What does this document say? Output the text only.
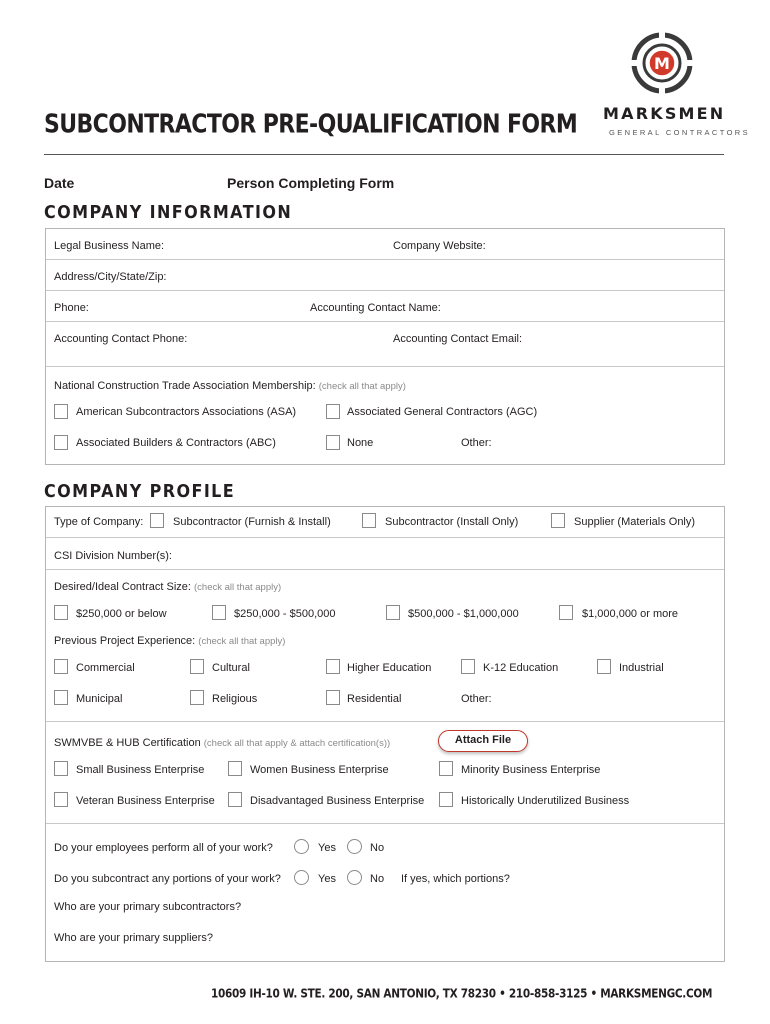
SUBCONTRACTOR PRE-QUALIFICATION FORM
M
MARKSMEN
GENERAL CONTRACTORS
Date	Person Completing Form
COMPANY INFORMATION
Legal Business Name:	Company Website:
Address/City/State/Zip:
Phone:	Accounting Contact Name:
Accounting Contact Phone:	Accounting Contact Email:
National Construction Trade Association Membership: (check all that apply)
American Subcontractors Associations (ASA)	Associated General Contractors (AGC)
Associated Builders & Contractors (ABC)	None	Other:
COMPANY PROFILE
Type of Company:	Subcontractor (Furnish & Install)	Subcontractor (Install Only)	Supplier (Materials Only)
CSI Division Number(s):
Desired/Ideal Contract Size: (check all that apply)
$250,000 or below	$250,000 - $500,000	$500,000 - $1,000,000	$1,000,000 or more
Previous Project Experience: (check all that apply)
Commercial	Cultural	Higher Education	K-12 Education	Industrial
Municipal	Religious	Residential	Other:
SWMVBE & HUB Certification (check all that apply & attach certification(s))
Small Business Enterprise	Women Business Enterprise	Minority Business Enterprise
Veteran Business Enterprise	Disadvantaged Business Enterprise	Historically Underutilized Business
Do your employees perform all of your work?	Yes	No
Do you subcontract any portions of your work?	Yes	No If yes, which portions?
Who are your primary subcontractors?
Who are your primary suppliers?
Attach File
10609 IH-10 W. STE. 200, SAN ANTONIO, TX 78230 • 210-858-3125 • MARKSMENGC.COM
